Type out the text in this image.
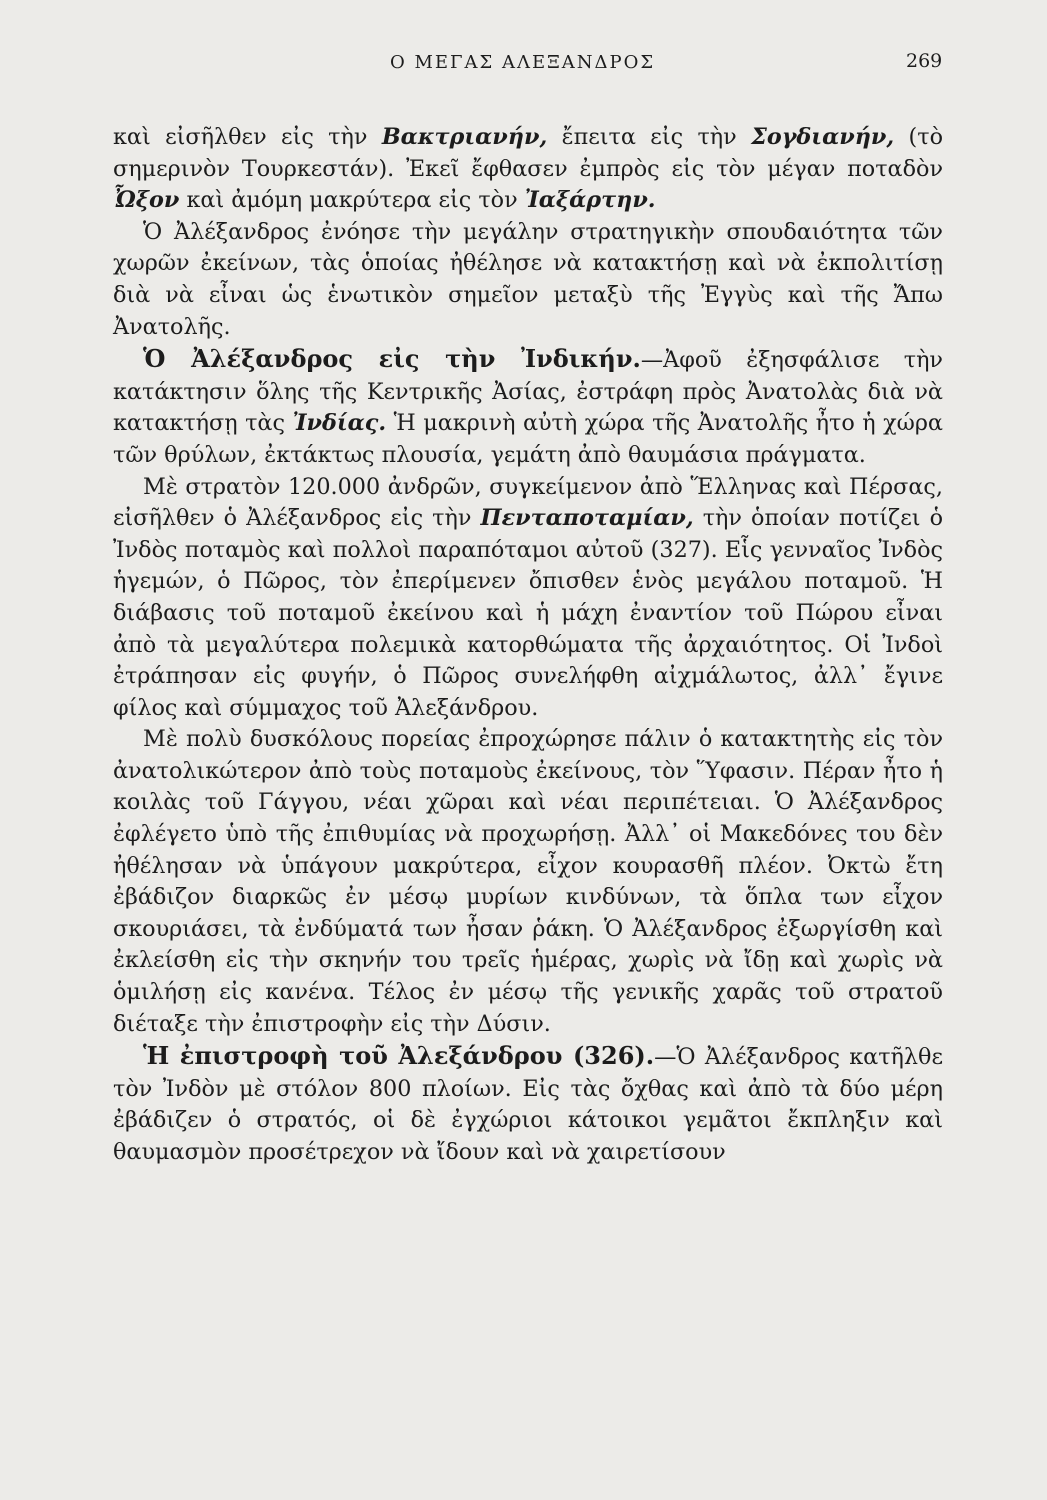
Ο ΜΕΓΑΣ ΑΛΕΞΑΝΔΡΟΣ	269

καὶ εἰσῆλθεν εἰς τὴν Βακτριανήν, ἔπειτα εἰς τὴν Σογδιανήν, (τὸ σημερινὸν Τουρκεστάν). Ἐκεῖ ἔφθασεν ἐμπρὸς εἰς τὸν μέγαν ποταδὸν Ὦξον καὶ ἀμόμη μακρύτερα εἰς τὸν Ἰαξάρτην.

Ὁ Ἀλέξανδρος ἐνόησε τὴν μεγάλην στρατηγικὴν σπουδαιότητα τῶν χωρῶν ἐκείνων, τὰς ὁποίας ἠθέλησε νὰ κατακτήσῃ καὶ νὰ ἐκπολιτίσῃ διὰ νὰ εἶναι ὡς ἑνωτικὸν σημεῖον μεταξὺ τῆς Ἐγγὺς καὶ τῆς Ἄπω Ἀνατολῆς.

Ὁ Ἀλέξανδρος εἰς τὴν Ἰνδικήν.—Ἀφοῦ ἐξησφάλισε τὴν κατάκτησιν ὅλης τῆς Κεντρικῆς Ἀσίας, ἐστράφη πρὸς Ἀνατολὰς διὰ νὰ κατακτήσῃ τὰς Ἰνδίας. Ἡ μακρινὴ αὐτὴ χώρα τῆς Ἀνατολῆς ἦτο ἡ χώρα τῶν θρύλων, ἐκτάκτως πλουσία, γεμάτη ἀπὸ θαυμάσια πράγματα.

Μὲ στρατὸν 120.000 ἀνδρῶν, συγκείμενον ἀπὸ Ἕλληνας καὶ Πέρσας, εἰσῆλθεν ὁ Ἀλέξανδρος εἰς τὴν Πενταποταμίαν, τὴν ὁποίαν ποτίζει ὁ Ἰνδὸς ποταμὸς καὶ πολλοὶ παραπόταμοι αὐτοῦ (327). Εἷς γενναῖος Ἰνδὸς ἡγεμών, ὁ Πῶρος, τὸν ἐπερίμενεν ὄπισθεν ἑνὸς μεγάλου ποταμοῦ. Ἡ διάβασις τοῦ ποταμοῦ ἐκείνου καὶ ἡ μάχη ἐναντίον τοῦ Πώρου εἶναι ἀπὸ τὰ μεγαλύτερα πολεμικὰ κατορθώματα τῆς ἀρχαιότητος. Οἱ Ἰνδοὶ ἐτράπησαν εἰς φυγήν, ὁ Πῶρος συνελήφθη αἰχμάλωτος, ἀλλ᾽ ἔγινε φίλος καὶ σύμμαχος τοῦ Ἀλεξάνδρου.

Μὲ πολὺ δυσκόλους πορείας ἐπροχώρησε πάλιν ὁ κατακτητὴς εἰς τὸν ἀνατολικώτερον ἀπὸ τοὺς ποταμοὺς ἐκείνους, τὸν Ὕφασιν. Πέραν ἦτο ἡ κοιλὰς τοῦ Γάγγου, νέαι χῶραι καὶ νέαι περιπέτειαι. Ὁ Ἀλέξανδρος ἐφλέγετο ὑπὸ τῆς ἐπιθυμίας νὰ προχωρήσῃ. Ἀλλ᾽ οἱ Μακεδόνες του δὲν ἠθέλησαν νὰ ὑπάγουν μακρύτερα, εἶχον κουρασθῆ πλέον. Ὀκτὼ ἔτη ἐβάδιζον διαρκῶς ἐν μέσῳ μυρίων κινδύνων, τὰ ὅπλα των εἶχον σκουριάσει, τὰ ἐνδύματά των ἦσαν ῥάκη. Ὁ Ἀλέξανδρος ἐξωργίσθη καὶ ἐκλείσθη εἰς τὴν σκηνήν του τρεῖς ἡμέρας, χωρὶς νὰ ἴδῃ καὶ χωρὶς νὰ ὁμιλήσῃ εἰς κανένα. Τέλος ἐν μέσῳ τῆς γενικῆς χαρᾶς τοῦ στρατοῦ διέταξε τὴν ἐπιστροφὴν εἰς τὴν Δύσιν.

Ἡ ἐπιστροφὴ τοῦ Ἀλεξάνδρου (326).—Ὁ Ἀλέξανδρος κατῆλθε τὸν Ἰνδὸν μὲ στόλον 800 πλοίων. Εἰς τὰς ὄχθας καὶ ἀπὸ τὰ δύο μέρη ἐβάδιζεν ὁ στρατός, οἱ δὲ ἐγχώριοι κάτοικοι γεμᾶτοι ἔκπληξιν καὶ θαυμασμὸν προσέτρεχον νὰ ἴδουν καὶ νὰ χαιρετίσουν
